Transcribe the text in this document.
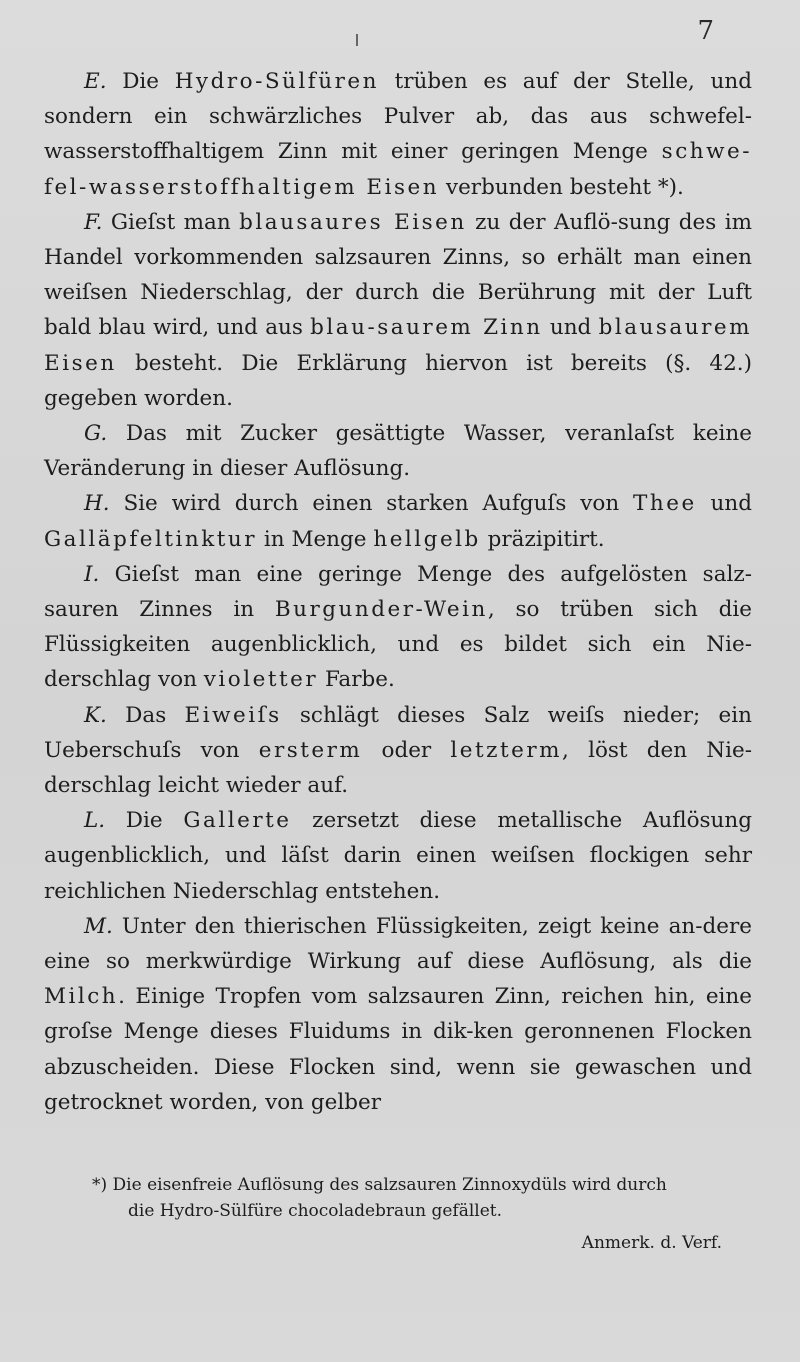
7

E. Die Hydro-Sülfüren trüben es auf der Stelle, und sondern ein schwärzliches Pulver ab, das aus schwefel-wasserstoffhaltigem Zinn mit einer geringen Menge schwe-fel-wasserstoffhaltigem Eisen verbunden besteht *).

F. Gieſst man blausaures Eisen zu der Auflö-sung des im Handel vorkommenden salzsauren Zinns, so erhält man einen weiſsen Niederschlag, der durch die Berührung mit der Luft bald blau wird, und aus blau-saurem Zinn und blausaurem Eisen besteht. Die Erklärung hiervon ist bereits (§. 42.) gegeben worden.

G. Das mit Zucker gesättigte Wasser, veranlaſst keine Veränderung in dieser Auflösung.

H. Sie wird durch einen starken Aufguſs von Thee und Galläpfeltinktur in Menge hellgelb präzipitirt.

I. Gieſst man eine geringe Menge des aufgelösten salz-sauren Zinnes in Burgunder-Wein, so trüben sich die Flüssigkeiten augenblicklich, und es bildet sich ein Nie-derschlag von violetter Farbe.

K. Das Eiweiſs schlägt dieses Salz weiſs nieder; ein Ueberschuſs von ersterm oder letzterm, löst den Nie-derschlag leicht wieder auf.

L. Die Gallerte zersetzt diese metallische Auflösung augenblicklich, und läſst darin einen weiſsen flockigen sehr reichlichen Niederschlag entstehen.

M. Unter den thierischen Flüssigkeiten, zeigt keine an-dere eine so merkwürdige Wirkung auf diese Auflösung, als die Milch. Einige Tropfen vom salzsauren Zinn, reichen hin, eine groſse Menge dieses Fluidums in dik-ken geronnenen Flocken abzuscheiden. Diese Flocken sind, wenn sie gewaschen und getrocknet worden, von gelber

*) Die eisenfreie Auflösung des salzsauren Zinnoxydüls wird durch
die Hydro-Sülfüre chocoladebraun gefället.
Anmerk. d. Verf.
